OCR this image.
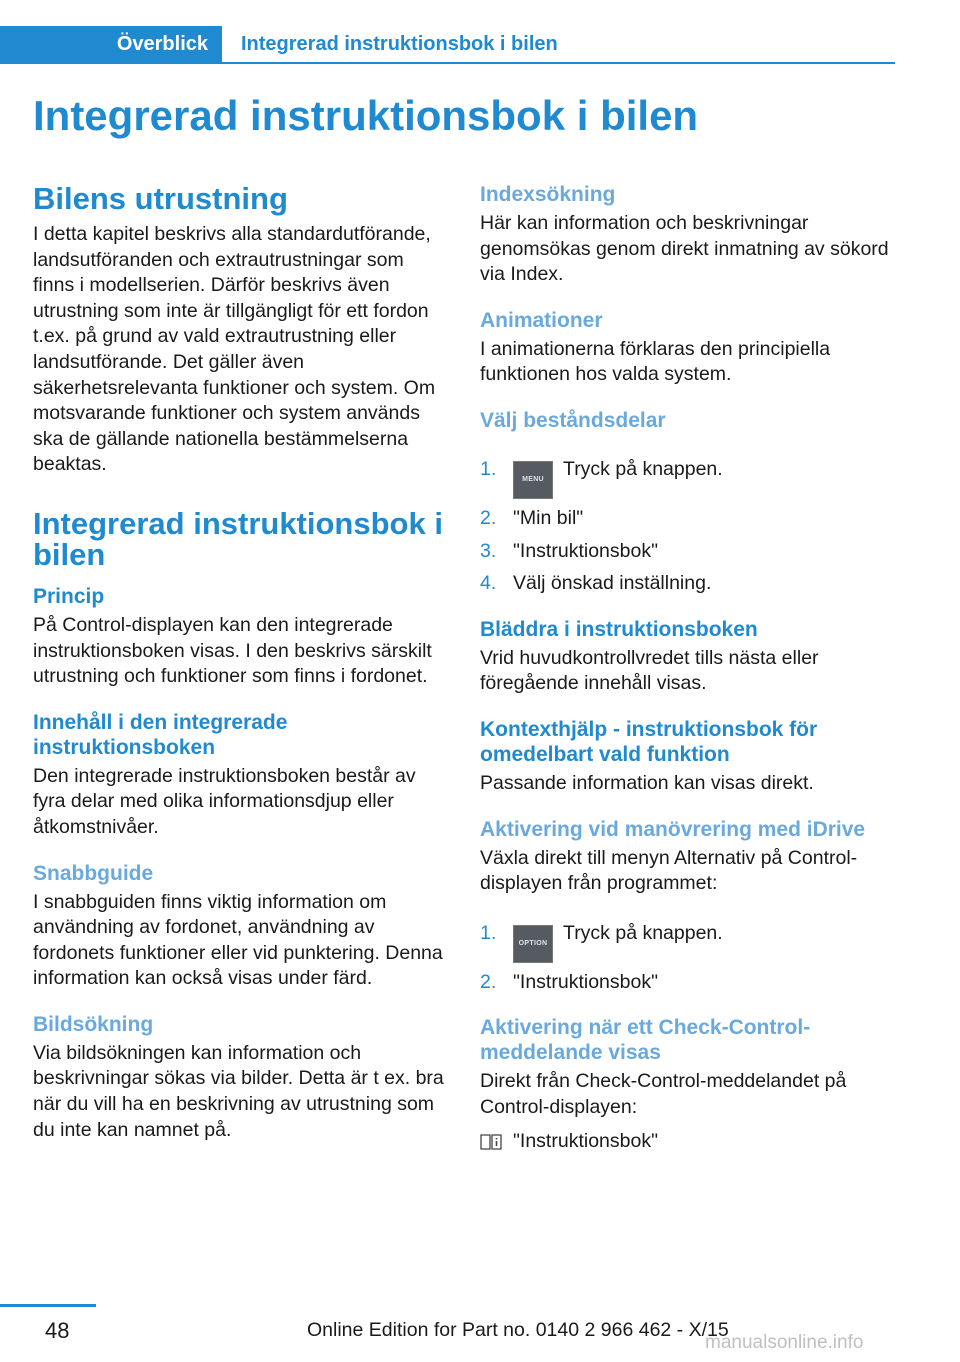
Överblick	Integrerad instruktionsbok i bilen
Integrerad instruktionsbok i bilen
Bilens utrustning

I detta kapitel beskrivs alla standardutförande, landsutföranden och extrautrustningar som finns i modellserien. Därför beskrivs även utrustning som inte är tillgängligt för ett fordon t.ex. på grund av vald extrautrustning eller landsutförande. Det gäller även säkerhetsrelevanta funktioner och system. Om motsvarande funktioner och system används ska de gällande nationella bestämmelserna beaktas.

Integrerad instruktionsbok i bilen
Princip

På Control-displayen kan den integrerade instruktionsboken visas. I den beskrivs särskilt utrustning och funktioner som finns i fordonet.

Innehåll i den integrerade instruktionsboken

Den integrerade instruktionsboken består av fyra delar med olika informationsdjup eller åtkomstnivåer.

Snabbguide

I snabbguiden finns viktig information om användning av fordonet, användning av fordonets funktioner eller vid punktering. Denna information kan också visas under färd.

Bildsökning

Via bildsökningen kan information och beskrivningar sökas via bilder. Detta är t ex. bra när du vill ha en beskrivning av utrustning som du inte kan namnet på.

Indexsökning

Här kan information och beskrivningar genomsökas genom direkt inmatning av sökord via Index.

Animationer

I animationerna förklaras den principiella funktionen hos valda system.

Välj beståndsdelar
1.	MENU Tryck på knappen.
2. "Min bil"
3. "Instruktionsbok"
4. Välj önskad inställning.
Bläddra i instruktionsboken

Vrid huvudkontrollvredet tills nästa eller föregående innehåll visas.

Kontexthjälp - instruktionsbok för omedelbart vald funktion

Passande information kan visas direkt.

Aktivering vid manövrering med iDrive

Växla direkt till menyn Alternativ på Control-displayen från programmet:

1.	OPTION Tryck på knappen.
2. "Instruktionsbok"
Aktivering när ett Check-Control-meddelande visas

Direkt från Check-Control-meddelandet på Control-displayen:

"Instruktionsbok"
48	Online Edition for Part no. 0140 2 966 462 - X/15
manualsonline.info
